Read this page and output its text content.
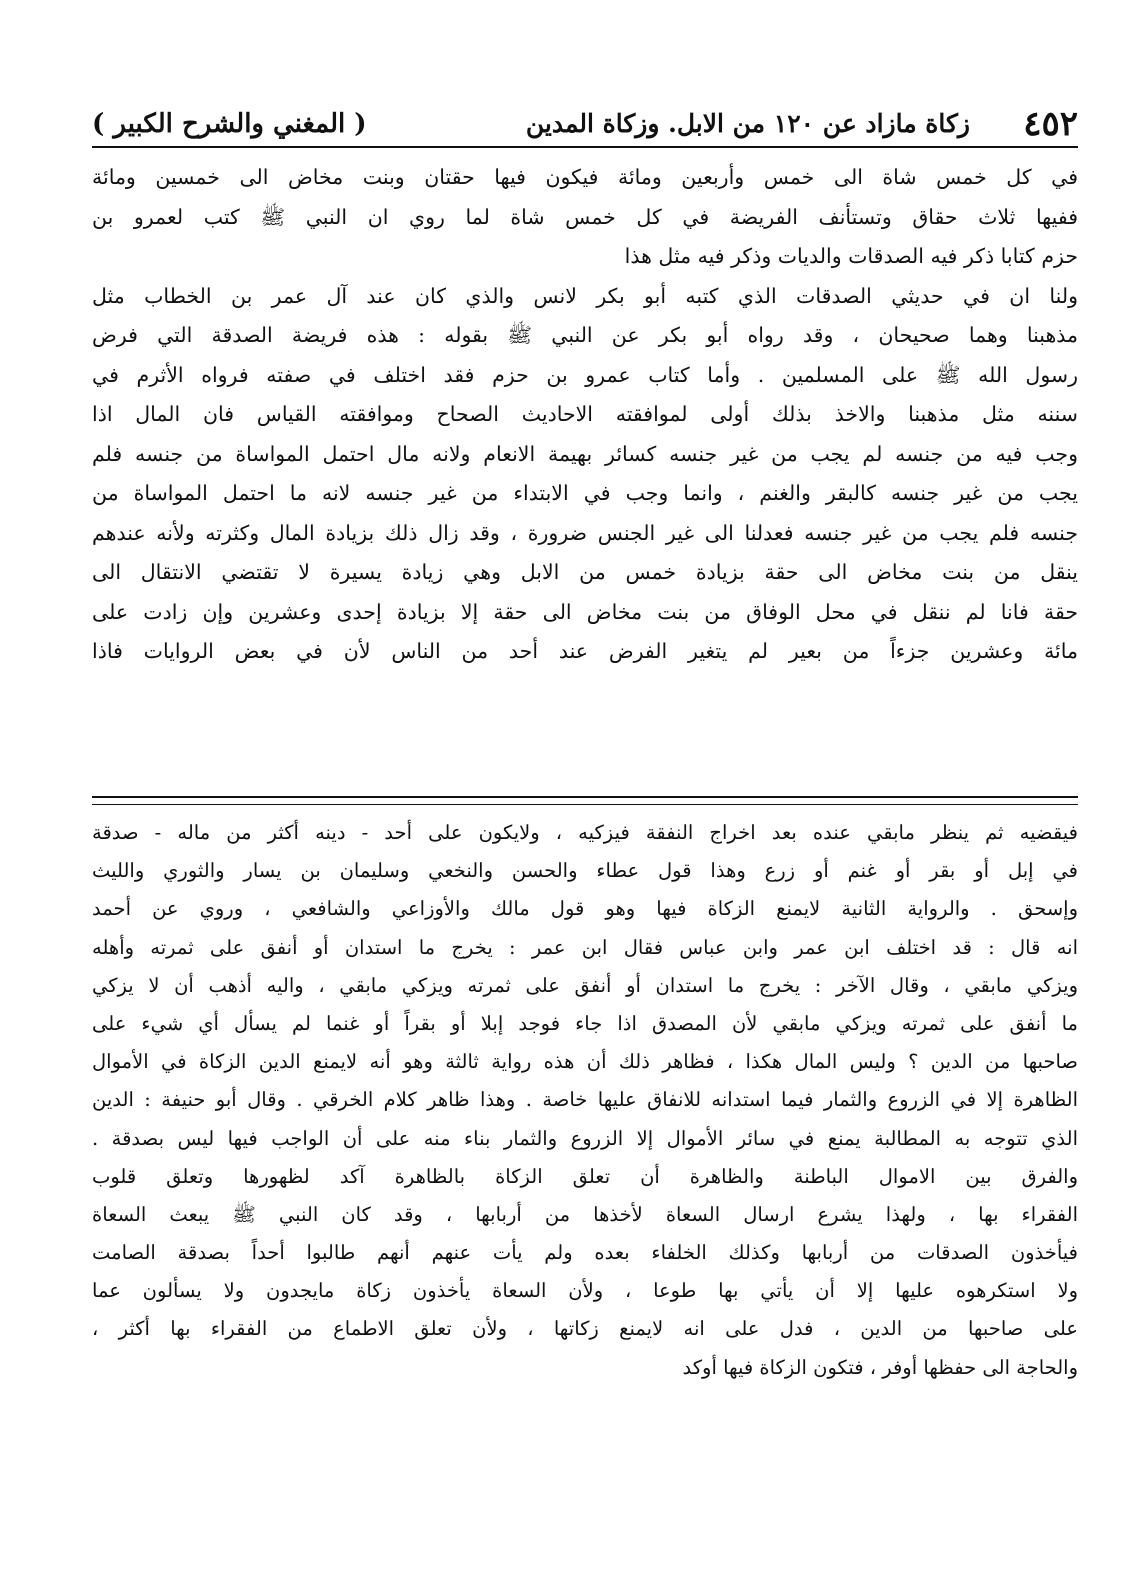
٤٥٢
زكاة مازاد عن ١٢٠ من الابل. وزكاة المدين
( المغني والشرح الكبير )
في كل خمس شاة الى خمس وأربعين ومائة فيكون فيها حقتان وبنت مخاض الى خمسين ومائة
ففيها ثلاث حقاق وتستأنف الفريضة في كل خمس شاة لما روي ان النبي ﷺ كتب لعمرو بن
حزم كتابا ذكر فيه الصدقات والديات وذكر فيه مثل هذا
ولنا ان في حديثي الصدقات الذي كتبه أبو بكر لانس والذي كان عند آل عمر بن الخطاب مثل
مذهبنا وهما صحيحان ، وقد رواه أبو بكر عن النبي ﷺ بقوله : هذه فريضة الصدقة التي فرض
رسول الله ﷺ على المسلمين . وأما كتاب عمرو بن حزم فقد اختلف في صفته فرواه الأثرم في
سننه مثل مذهبنا والاخذ بذلك أولى لموافقته الاحاديث الصحاح وموافقته القياس فان المال اذا
وجب فيه من جنسه لم يجب من غير جنسه كسائر بهيمة الانعام ولانه مال احتمل المواساة من جنسه فلم
يجب من غير جنسه كالبقر والغنم ، وانما وجب في الابتداء من غير جنسه لانه ما احتمل المواساة من
جنسه فلم يجب من غير جنسه فعدلنا الى غير الجنس ضرورة ، وقد زال ذلك بزيادة المال وكثرته ولأنه عندهم
ينقل من بنت مخاض الى حقة بزيادة خمس من الابل وهي زيادة يسيرة لا تقتضي الانتقال الى
حقة فانا لم ننقل في محل الوفاق من بنت مخاض الى حقة إلا بزيادة إحدى وعشرين وإن زادت على
مائة وعشرين جزءاً من بعير لم يتغير الفرض عند أحد من الناس لأن في بعض الروايات فاذا
فيقضيه ثم ينظر مابقي عنده بعد اخراج النفقة فيزكيه ، ولايكون على أحد - دينه أكثر من ماله - صدقة
في إبل أو بقر أو غنم أو زرع وهذا قول عطاء والحسن والنخعي وسليمان بن يسار والثوري والليث
وإسحق . والرواية الثانية لايمنع الزكاة فيها وهو قول مالك والأوزاعي والشافعي ، وروي عن أحمد
انه قال : قد اختلف ابن عمر وابن عباس فقال ابن عمر : يخرج ما استدان أو أنفق على ثمرته وأهله
ويزكي مابقي ، وقال الآخر : يخرج ما استدان أو أنفق على ثمرته ويزكي مابقي ، واليه أذهب أن لا يزكي
ما أنفق على ثمرته ويزكي مابقي لأن المصدق اذا جاء فوجد إبلا أو بقراً أو غنما لم يسأل أي شيء على
صاحبها من الدين ؟ وليس المال هكذا ، فظاهر ذلك أن هذه رواية ثالثة وهو أنه لايمنع الدين الزكاة في الأموال
الظاهرة إلا في الزروع والثمار فيما استدانه للانفاق عليها خاصة . وهذا ظاهر كلام الخرقي . وقال أبو حنيفة : الدين
الذي تتوجه به المطالبة يمنع في سائر الأموال إلا الزروع والثمار بناء منه على أن الواجب فيها ليس بصدقة .
والفرق بين الاموال الباطنة والظاهرة أن تعلق الزكاة بالظاهرة آكد لظهورها وتعلق قلوب
الفقراء بها ، ولهذا يشرع ارسال السعاة لأخذها من أربابها ، وقد كان النبي ﷺ يبعث السعاة
فيأخذون الصدقات من أربابها وكذلك الخلفاء بعده ولم يأت عنهم أنهم طالبوا أحداً بصدقة الصامت
ولا استكرهوه عليها إلا أن يأتي بها طوعا ، ولأن السعاة يأخذون زكاة مايجدون ولا يسألون عما
على صاحبها من الدين ، فدل على انه لايمنع زكاتها ، ولأن تعلق الاطماع من الفقراء بها أكثر ،
والحاجة الى حفظها أوفر ، فتكون الزكاة فيها أوكد
